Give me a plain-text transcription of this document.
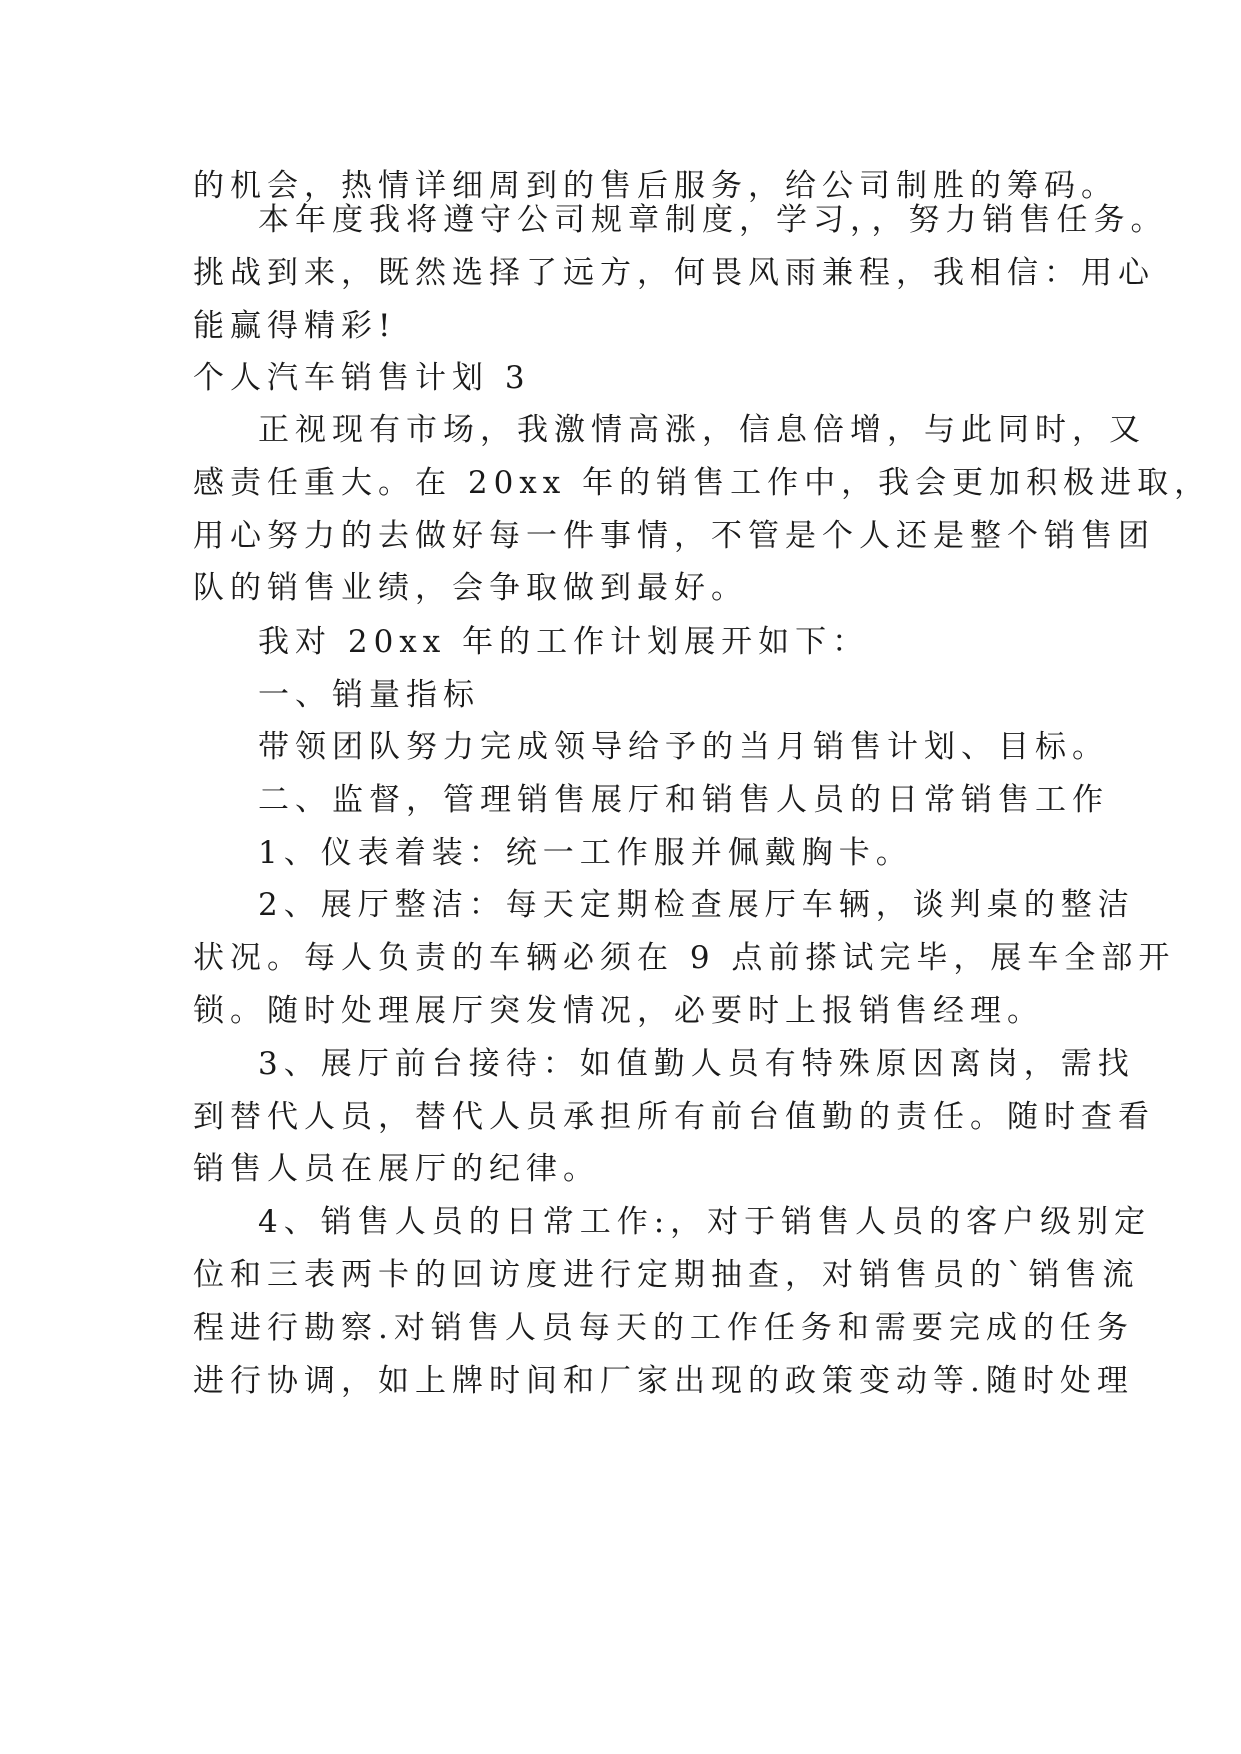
的机会，热情详细周到的售后服务，给公司制胜的筹码。
本年度我将遵守公司规章制度，学习，，努力销售任务。
挑战到来，既然选择了远方，何畏风雨兼程，我相信：用心
能赢得精彩!
个人汽车销售计划 3
正视现有市场，我激情高涨，信息倍增，与此同时，又
感责任重大。在 20xx 年的销售工作中，我会更加积极进取，
用心努力的去做好每一件事情，不管是个人还是整个销售团
队的销售业绩，会争取做到最好。
我对 20xx 年的工作计划展开如下：
一、销量指标
带领团队努力完成领导给予的当月销售计划、目标。
二、监督，管理销售展厅和销售人员的日常销售工作
1、仪表着装：统一工作服并佩戴胸卡。
2、展厅整洁：每天定期检查展厅车辆，谈判桌的整洁
状况。每人负责的车辆必须在 9 点前搽试完毕，展车全部开
锁。随时处理展厅突发情况，必要时上报销售经理。
3、展厅前台接待：如值勤人员有特殊原因离岗，需找
到替代人员，替代人员承担所有前台值勤的责任。随时查看
销售人员在展厅的纪律。
4、销售人员的日常工作:，对于销售人员的客户级别定
位和三表两卡的回访度进行定期抽查，对销售员的`销售流
程进行勘察.对销售人员每天的工作任务和需要完成的任务
进行协调，如上牌时间和厂家出现的政策变动等.随时处理
